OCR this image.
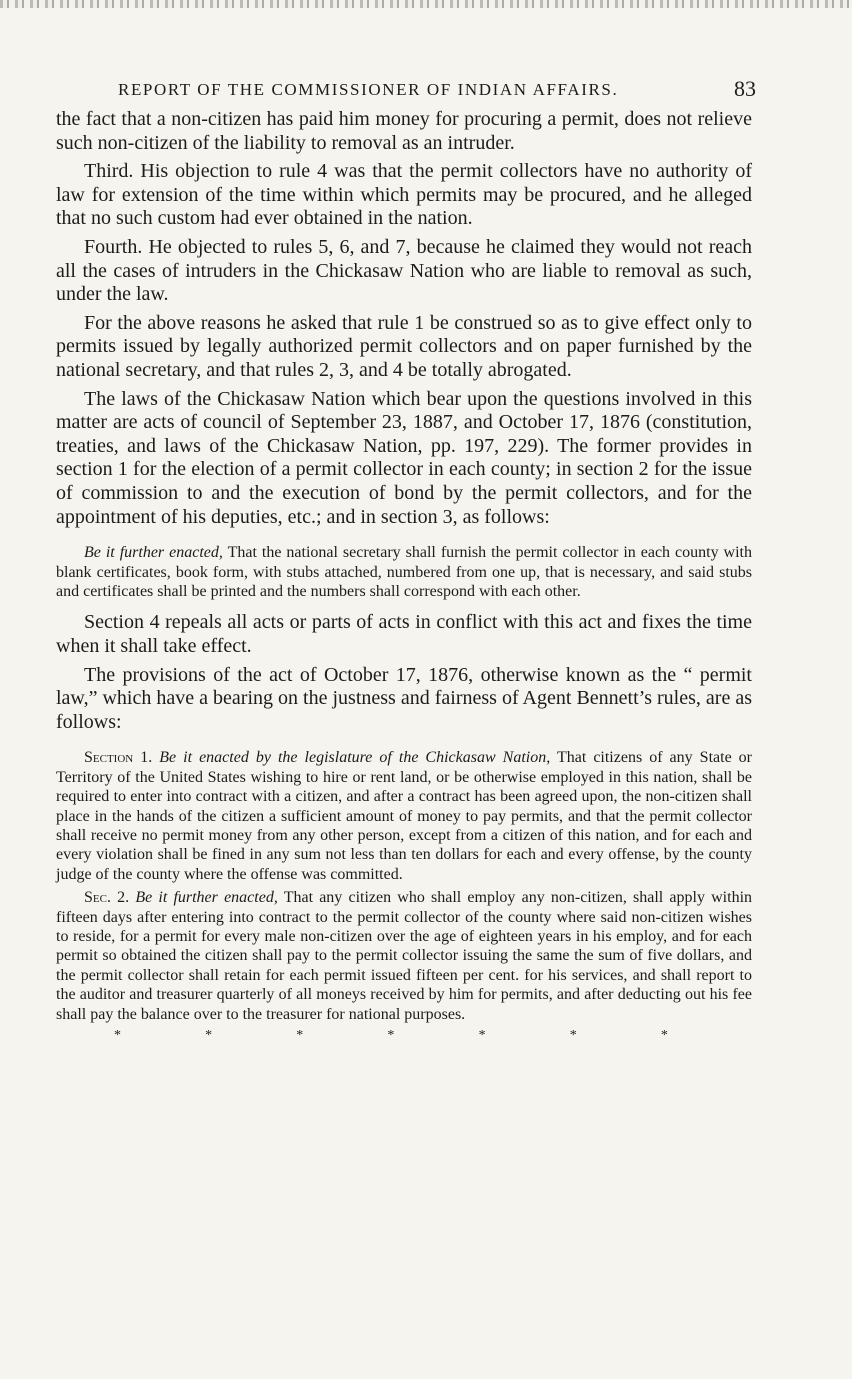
REPORT OF THE COMMISSIONER OF INDIAN AFFAIRS.	83

the fact that a non-citizen has paid him money for procuring a permit, does not relieve such non-citizen of the liability to removal as an intruder.

Third. His objection to rule 4 was that the permit collectors have no authority of law for extension of the time within which permits may be procured, and he alleged that no such custom had ever obtained in the nation.

Fourth. He objected to rules 5, 6, and 7, because he claimed they would not reach all the cases of intruders in the Chickasaw Nation who are liable to removal as such, under the law.

For the above reasons he asked that rule 1 be construed so as to give effect only to permits issued by legally authorized permit collectors and on paper furnished by the national secretary, and that rules 2, 3, and 4 be totally abrogated.

The laws of the Chickasaw Nation which bear upon the questions involved in this matter are acts of council of September 23, 1887, and October 17, 1876 (constitution, treaties, and laws of the Chickasaw Nation, pp. 197, 229). The former provides in section 1 for the election of a permit collector in each county; in section 2 for the issue of commission to and the execution of bond by the permit collectors, and for the appointment of his deputies, etc.; and in section 3, as follows:

Be it further enacted, That the national secretary shall furnish the permit collector in each county with blank certificates, book form, with stubs attached, numbered from one up, that is necessary, and said stubs and certificates shall be printed and the numbers shall correspond with each other.

Section 4 repeals all acts or parts of acts in conflict with this act and fixes the time when it shall take effect.

The provisions of the act of October 17, 1876, otherwise known as the “ permit law,” which have a bearing on the justness and fairness of Agent Bennett’s rules, are as follows:

Section 1. Be it enacted by the legislature of the Chickasaw Nation, That citizens of any State or Territory of the United States wishing to hire or rent land, or be otherwise employed in this nation, shall be required to enter into contract with a citizen, and after a contract has been agreed upon, the non-citizen shall place in the hands of the citizen a sufficient amount of money to pay permits, and that the permit collector shall receive no permit money from any other person, except from a citizen of this nation, and for each and every violation shall be fined in any sum not less than ten dollars for each and every offense, by the county judge of the county where the offense was committed.

Sec. 2. Be it further enacted, That any citizen who shall employ any non-citizen, shall apply within fifteen days after entering into contract to the permit collector of the county where said non-citizen wishes to reside, for a permit for every male non-citizen over the age of eighteen years in his employ, and for each permit so obtained the citizen shall pay to the permit collector issuing the same the sum of five dollars, and the permit collector shall retain for each permit issued fifteen per cent. for his services, and shall report to the auditor and treasurer quarterly of all moneys received by him for permits, and after deducting out his fee shall pay the balance over to the treasurer for national purposes.

*	*	*	*	*	*	*
